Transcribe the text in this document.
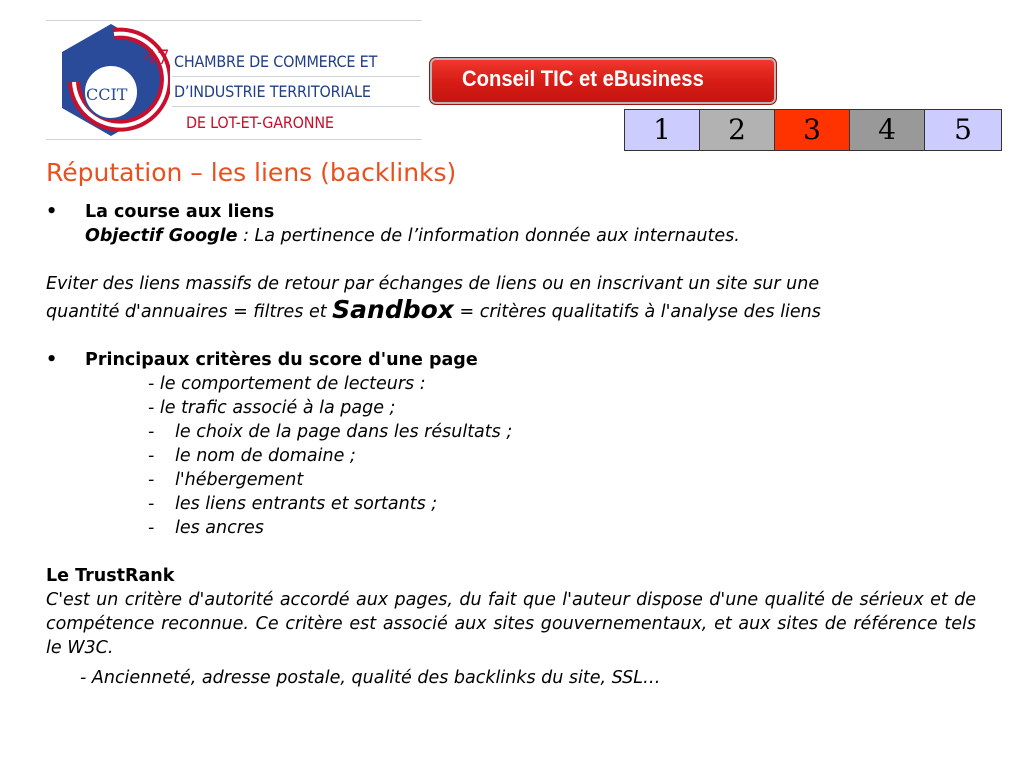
47
CCIT
CHAMBRE DE COMMERCE ET
D’INDUSTRIE TERRITORIALE
DE LOT-ET-GARONNE
Conseil TIC et eBusiness
1	2	3	4	5
Réputation – les liens (backlinks)

• La course aux liens

Objectif Google : La pertinence de l’information donnée aux internautes.

Eviter des liens massifs de retour par échanges de liens ou en inscrivant un site sur une

quantité d'annuaires = filtres et Sandbox = critères qualitatifs à l'analyse des liens

• Principaux critères du score d'une page

- le comportement de lecteurs :

- le trafic associé à la page ;

- le choix de la page dans les résultats ;

- le nom de domaine ;

- l'hébergement

- les liens entrants et sortants ;

- les ancres

Le TrustRank

C'est un critère d'autorité accordé aux pages, du fait que l'auteur dispose d'une qualité de sérieux et de compétence reconnue. Ce critère est associé aux sites gouvernementaux, et aux sites de référence tels le W3C.

- Ancienneté, adresse postale, qualité des backlinks du site, SSL…
